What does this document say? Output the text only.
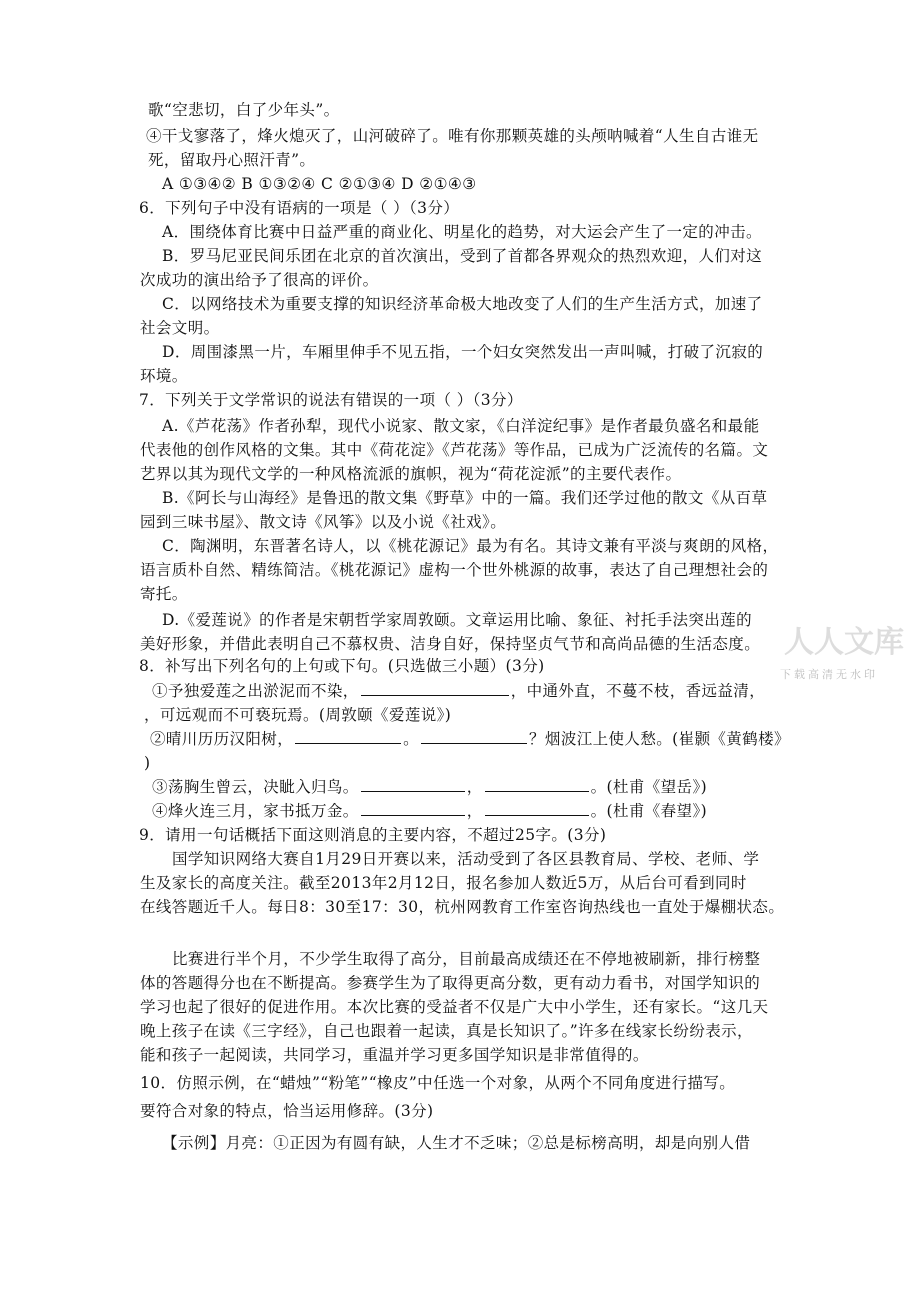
歌“空悲切，白了少年头”。
④干戈寥落了，烽火熄灭了，山河破碎了。唯有你那颗英雄的头颅呐喊着“人生自古谁无
死，留取丹心照汗青”。
A ①③④② B ①③②④ C ②①③④ D ②①④③
6．下列句子中没有语病的一项是（ ）（3分）
A．围绕体育比赛中日益严重的商业化、明星化的趋势，对大运会产生了一定的冲击。
B．罗马尼亚民间乐团在北京的首次演出，受到了首都各界观众的热烈欢迎，人们对这
次成功的演出给予了很高的评价。
C．以网络技术为重要支撑的知识经济革命极大地改变了人们的生产生活方式，加速了
社会文明。
D．周围漆黑一片，车厢里伸手不见五指，一个妇女突然发出一声叫喊，打破了沉寂的
环境。
7．下列关于文学常识的说法有错误的一项（ ）（3分）
A.《芦花荡》作者孙犁，现代小说家、散文家，《白洋淀纪事》是作者最负盛名和最能
代表他的创作风格的文集。其中《荷花淀》《芦花荡》等作品，已成为广泛流传的名篇。文
艺界以其为现代文学的一种风格流派的旗帜，视为“荷花淀派”的主要代表作。
B.《阿长与山海经》是鲁迅的散文集《野草》中的一篇。我们还学过他的散文《从百草
园到三味书屋》、散文诗《风筝》以及小说《社戏》。
C．陶渊明，东晋著名诗人，以《桃花源记》最为有名。其诗文兼有平淡与爽朗的风格，
语言质朴自然、精练简洁。《桃花源记》虚构一个世外桃源的故事，表达了自己理想社会的
寄托。
D.《爱莲说》的作者是宋朝哲学家周敦颐。文章运用比喻、象征、衬托手法突出莲的
美好形象，并借此表明自己不慕权贵、洁身自好，保持坚贞气节和高尚品德的生活态度。
8．补写出下列名句的上句或下句。(只选做三小题）(3分)
①予独爱莲之出淤泥而不染，	，中通外直，不蔓不枝，香远益清，
，可远观而不可亵玩焉。(周敦颐《爱莲说》)
②晴川历历汉阳树，	。	？烟波江上使人愁。(崔颢《黄鹤楼》
)
③荡胸生曾云，决眦入归鸟。	，	。(杜甫《望岳》)
④烽火连三月，家书抵万金。	，	。(杜甫《春望》)
9．请用一句话概括下面这则消息的主要内容，不超过25字。(3分)
国学知识网络大赛自1月29日开赛以来，活动受到了各区县教育局、学校、老师、学
生及家长的高度关注。截至2013年2月12日，报名参加人数近5万，从后台可看到同时
在线答题近千人。每日8：30至17：30，杭州网教育工作室咨询热线也一直处于爆棚状态。
比赛进行半个月，不少学生取得了高分，目前最高成绩还在不停地被刷新，排行榜整
体的答题得分也在不断提高。参赛学生为了取得更高分数，更有动力看书，对国学知识的
学习也起了很好的促进作用。本次比赛的受益者不仅是广大中小学生，还有家长。“这几天
晚上孩子在读《三字经》，自己也跟着一起读，真是长知识了。”许多在线家长纷纷表示，
能和孩子一起阅读，共同学习，重温并学习更多国学知识是非常值得的。
10．仿照示例，在“蜡烛”“粉笔”“橡皮”中任选一个对象，从两个不同角度进行描写。
要符合对象的特点，恰当运用修辞。(3分)
【示例】月亮：①正因为有圆有缺，人生才不乏味；②总是标榜高明，却是向别人借
人人文库
下载高清无水印
